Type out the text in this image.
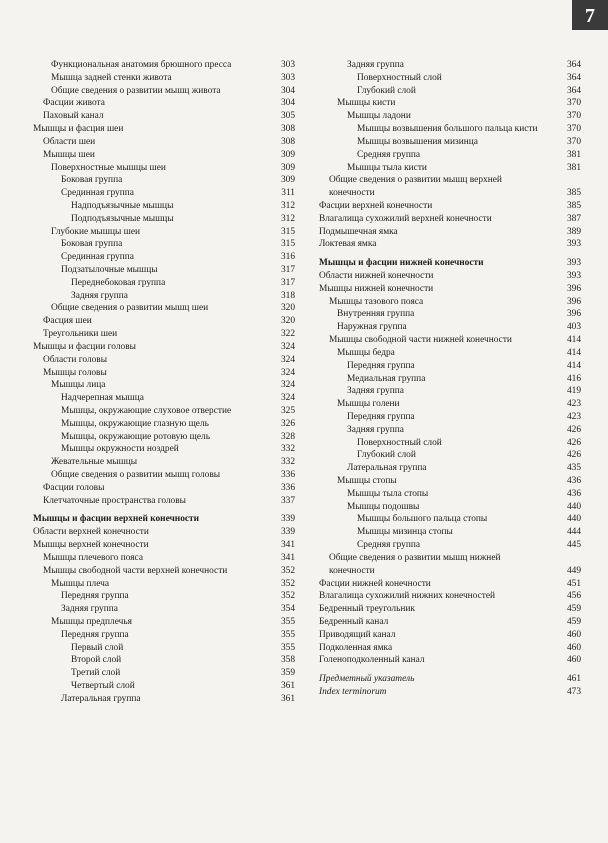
7
Функциональная анатомия брюшного пресса	303
Мышца задней стенки живота	303
Общие сведения о развитии мышц живота	304
Фасции живота	304
Паховый канал	305
Мышцы и фасция шеи	308
Области шеи	308
Мышцы шеи	309
Поверхностные мышцы шеи	309
Боковая группа	309
Срединная группа	311
Надподъязычные мышцы	312
Подподъязычные мышцы	312
Глубокие мышцы шеи	315
Боковая группа	315
Срединная группа	316
Подзатылочные мышцы	317
Переднебоковая группа	317
Задняя группа	318
Общие сведения о развитии мышц шеи	320
Фасция шеи	320
Треугольники шеи	322
Мышцы и фасции головы	324
Области головы	324
Мышцы головы	324
Мышцы лица	324
Надчерепная мышца	324
Мышцы, окружающие слуховое отверстие	325
Мышцы, окружающие глазную щель	326
Мышцы, окружающие ротовую щель	328
Мышцы окружности ноздрей	332
Жевательные мышцы	332
Общие сведения о развитии мышц головы	336
Фасции головы	336
Клетчаточные пространства головы	337
Мышцы и фасции верхней конечности	339
Области верхней конечности	339
Мышцы верхней конечности	341
Мышцы плечевого пояса	341
Мышцы свободной части верхней конечности	352
Мышцы плеча	352
Передняя группа	352
Задняя группа	354
Мышцы предплечья	355
Передняя группа	355
Первый слой	355
Второй слой	358
Третий слой	359
Четвертый слой	361
Латеральная группа	361
Задняя группа	364
Поверхностный слой	364
Глубокий слой	364
Мышцы кисти	370
Мышцы ладони	370
Мышцы возвышения большого пальца кисти	370
Мышцы возвышения мизинца	370
Средняя группа	381
Мышцы тыла кисти	381
Общие сведения о развитии мышц верхней конечности	385
Фасции верхней конечности	385
Влагалища сухожилий верхней конечности	387
Подмышечная ямка	389
Локтевая ямка	393
Мышцы и фасции нижней конечности	393
Области нижней конечности	393
Мышцы нижней конечности	396
Мышцы тазового пояса	396
Внутренняя группа	396
Наружная группа	403
Мышцы свободной части нижней конечности	414
Мышцы бедра	414
Передняя группа	414
Медиальная группа	416
Задняя группа	419
Мышцы голени	423
Передняя группа	423
Задняя группа	426
Поверхностный слой	426
Глубокий слой	426
Латеральная группа	435
Мышцы стопы	436
Мышцы тыла стопы	436
Мышцы подошвы	440
Мышцы большого пальца стопы	440
Мышцы мизинца стопы	444
Средняя группа	445
Общие сведения о развитии мышц нижней конечности	449
Фасции нижней конечности	451
Влагалища сухожилий нижних конечностей	456
Бедренный треугольник	459
Бедренный канал	459
Приводящий канал	460
Подколенная ямка	460
Голеноподколенный канал	460
Предметный указатель	461
Index terminorum	473
